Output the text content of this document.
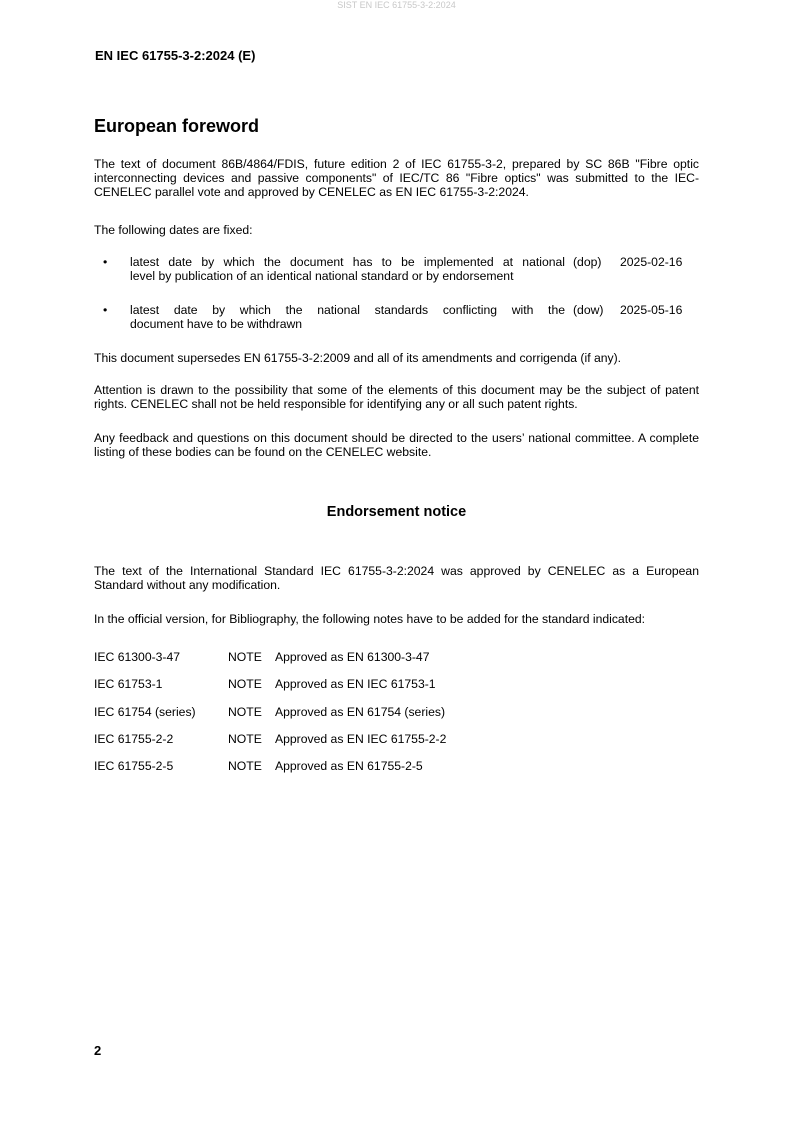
SIST EN IEC 61755-3-2:2024
EN IEC 61755-3-2:2024 (E)
European foreword
The text of document 86B/4864/FDIS, future edition 2 of IEC 61755-3-2, prepared by SC 86B "Fibre optic interconnecting devices and passive components" of IEC/TC 86 "Fibre optics" was submitted to the IEC-CENELEC parallel vote and approved by CENELEC as EN IEC 61755-3-2:2024.
The following dates are fixed:
• latest date by which the document has to be implemented at national
level by publication of an identical national standard or by endorsement
(dop) 2025-02-16
• latest date by which the national standards conflicting with the
document have to be withdrawn
(dow) 2025-05-16
This document supersedes EN 61755-3-2:2009 and all of its amendments and corrigenda (if any).
Attention is drawn to the possibility that some of the elements of this document may be the subject of patent rights. CENELEC shall not be held responsible for identifying any or all such patent rights.
Any feedback and questions on this document should be directed to the users’ national committee. A complete listing of these bodies can be found on the CENELEC website.
Endorsement notice
The text of the International Standard IEC 61755-3-2:2024 was approved by CENELEC as a European Standard without any modification.
In the official version, for Bibliography, the following notes have to be added for the standard indicated:
IEC 61300-3-47	NOTE Approved as EN 61300-3-47
IEC 61753-1	NOTE Approved as EN IEC 61753-1
IEC 61754 (series)	NOTE Approved as EN 61754 (series)
IEC 61755-2-2	NOTE Approved as EN IEC 61755-2-2
IEC 61755-2-5	NOTE Approved as EN 61755-2-5
2
